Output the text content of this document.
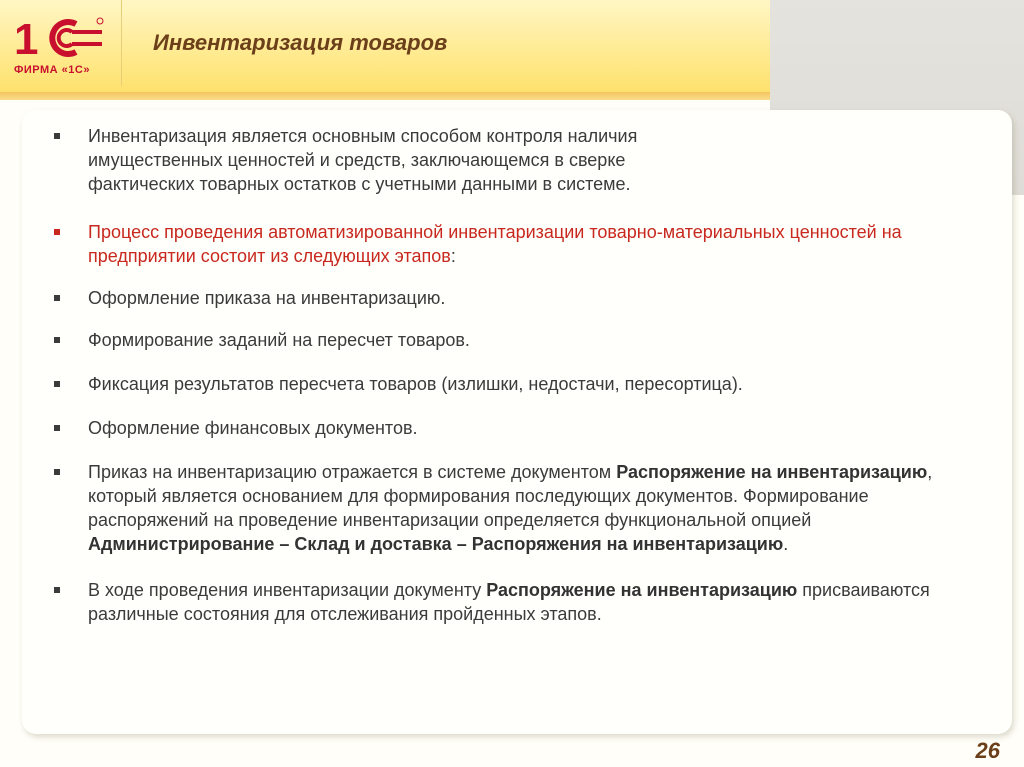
1
ФИРМА «1С»
Инвентаризация товаров
Инвентаризация является основным способом контроля наличия имущественных ценностей и средств, заключающемся в сверке фактических товарных остатков с учетными данными в системе.
Процесс проведения автоматизированной инвентаризации товарно-материальных ценностей на предприятии состоит из следующих этапов:
Оформление приказа на инвентаризацию.
Формирование заданий на пересчет товаров.
Фиксация результатов пересчета товаров (излишки, недостачи, пересортица).
Оформление финансовых документов.
Приказ на инвентаризацию отражается в системе документом Распоряжение на инвентаризацию, который является основанием для формирования последующих документов. Формирование распоряжений на проведение инвентаризации определяется функциональной опцией Администрирование – Склад и доставка – Распоряжения на инвентаризацию.
В ходе проведения инвентаризации документу Распоряжение на инвентаризацию присваиваются различные состояния для отслеживания пройденных этапов.
26
